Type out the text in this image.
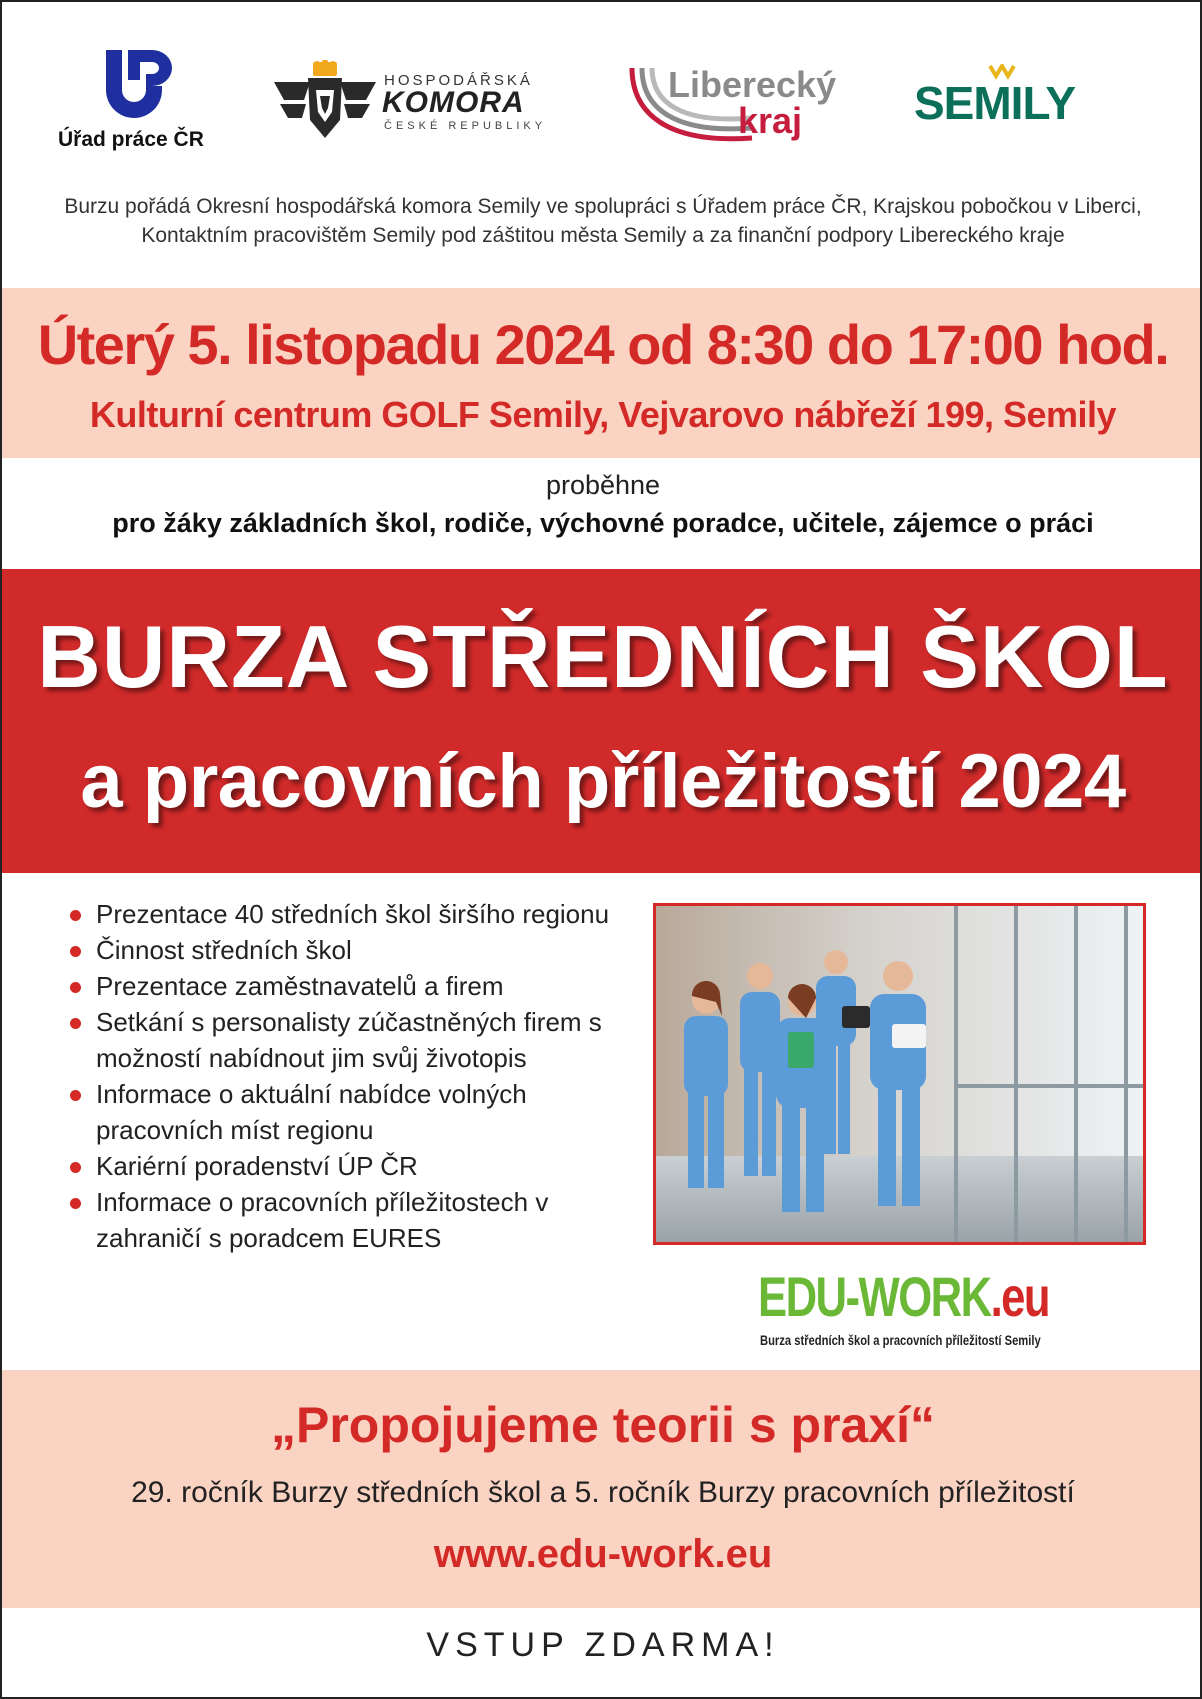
Úřad práce ČR
HOSPODÁŘSKÁ
KOMORA
ČESKÉ REPUBLIKY
Liberecký
kraj SEMILY
Burzu pořádá Okresní hospodářská komora Semily ve spolupráci s Úřadem práce ČR, Krajskou pobočkou v Liberci, Kontaktním pracovištěm Semily pod záštitou města Semily a za finanční podpory Libereckého kraje
Úterý 5. listopadu 2024 od 8:30 do 17:00 hod.
Kulturní centrum GOLF Semily, Vejvarovo nábřeží 199, Semily
proběhne
pro žáky základních škol, rodiče, výchovné poradce, učitele, zájemce o práci
BURZA STŘEDNÍCH ŠKOL
a pracovních příležitostí 2024
Prezentace 40 středních škol širšího regionu
Činnost středních škol
Prezentace zaměstnavatelů a firem
Setkání s personalisty zúčastněných firem s možností nabídnout jim svůj životopis
Informace o aktuální nabídce volných pracovních míst regionu
Kariérní poradenství ÚP ČR
Informace o pracovních příležitostech v zahraničí s poradcem EURES
EDU-WORK.eu
Burza středních škol a pracovních příležitostí Semily
„Propojujeme teorii s praxí“
29. ročník Burzy středních škol a 5. ročník Burzy pracovních příležitostí
www.edu-work.eu
VSTUP ZDARMA!
